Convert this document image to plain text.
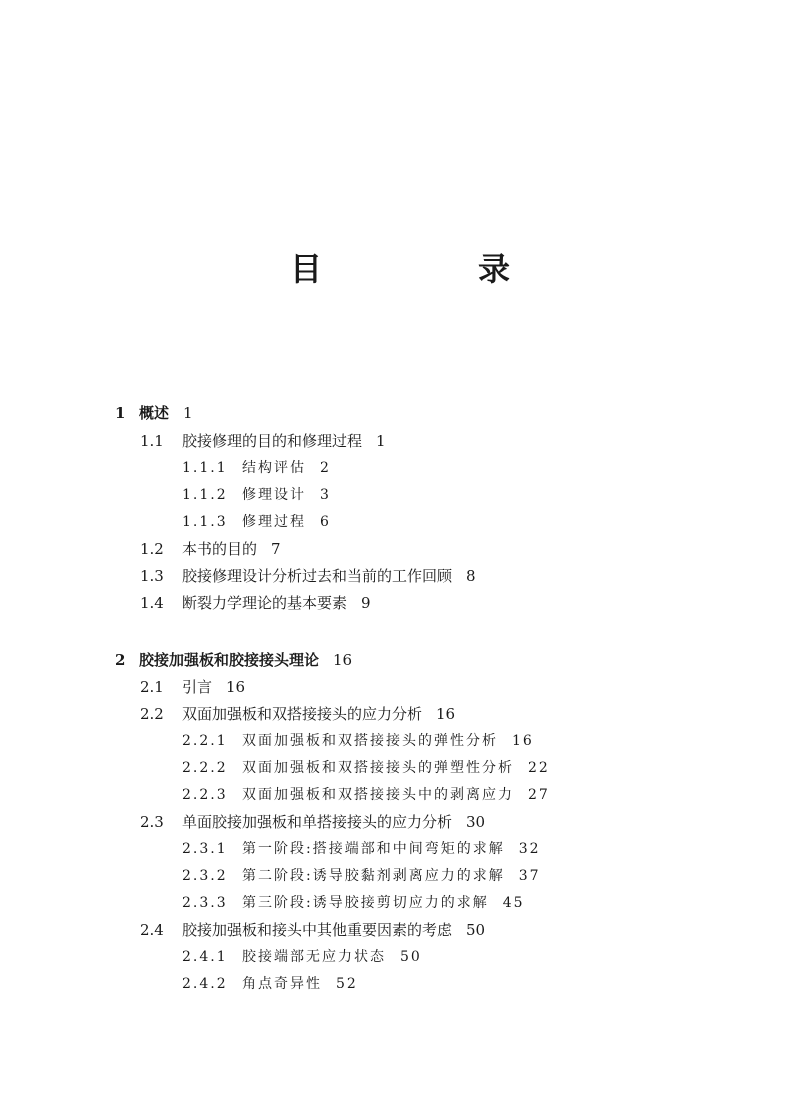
目　录
1 概述 1
1.1 胶接修理的目的和修理过程 1
1.1.1 结构评估 2
1.1.2 修理设计 3
1.1.3 修理过程 6
1.2 本书的目的 7
1.3 胶接修理设计分析过去和当前的工作回顾 8
1.4 断裂力学理论的基本要素 9
2 胶接加强板和胶接接头理论 16
2.1 引言 16
2.2 双面加强板和双搭接接头的应力分析 16
2.2.1 双面加强板和双搭接接头的弹性分析 16
2.2.2 双面加强板和双搭接接头的弹塑性分析 22
2.2.3 双面加强板和双搭接接头中的剥离应力 27
2.3 单面胶接加强板和单搭接接头的应力分析 30
2.3.1 第一阶段:搭接端部和中间弯矩的求解 32
2.3.2 第二阶段:诱导胶黏剂剥离应力的求解 37
2.3.3 第三阶段:诱导胶接剪切应力的求解 45
2.4 胶接加强板和接头中其他重要因素的考虑 50
2.4.1 胶接端部无应力状态 50
2.4.2 角点奇异性 52
